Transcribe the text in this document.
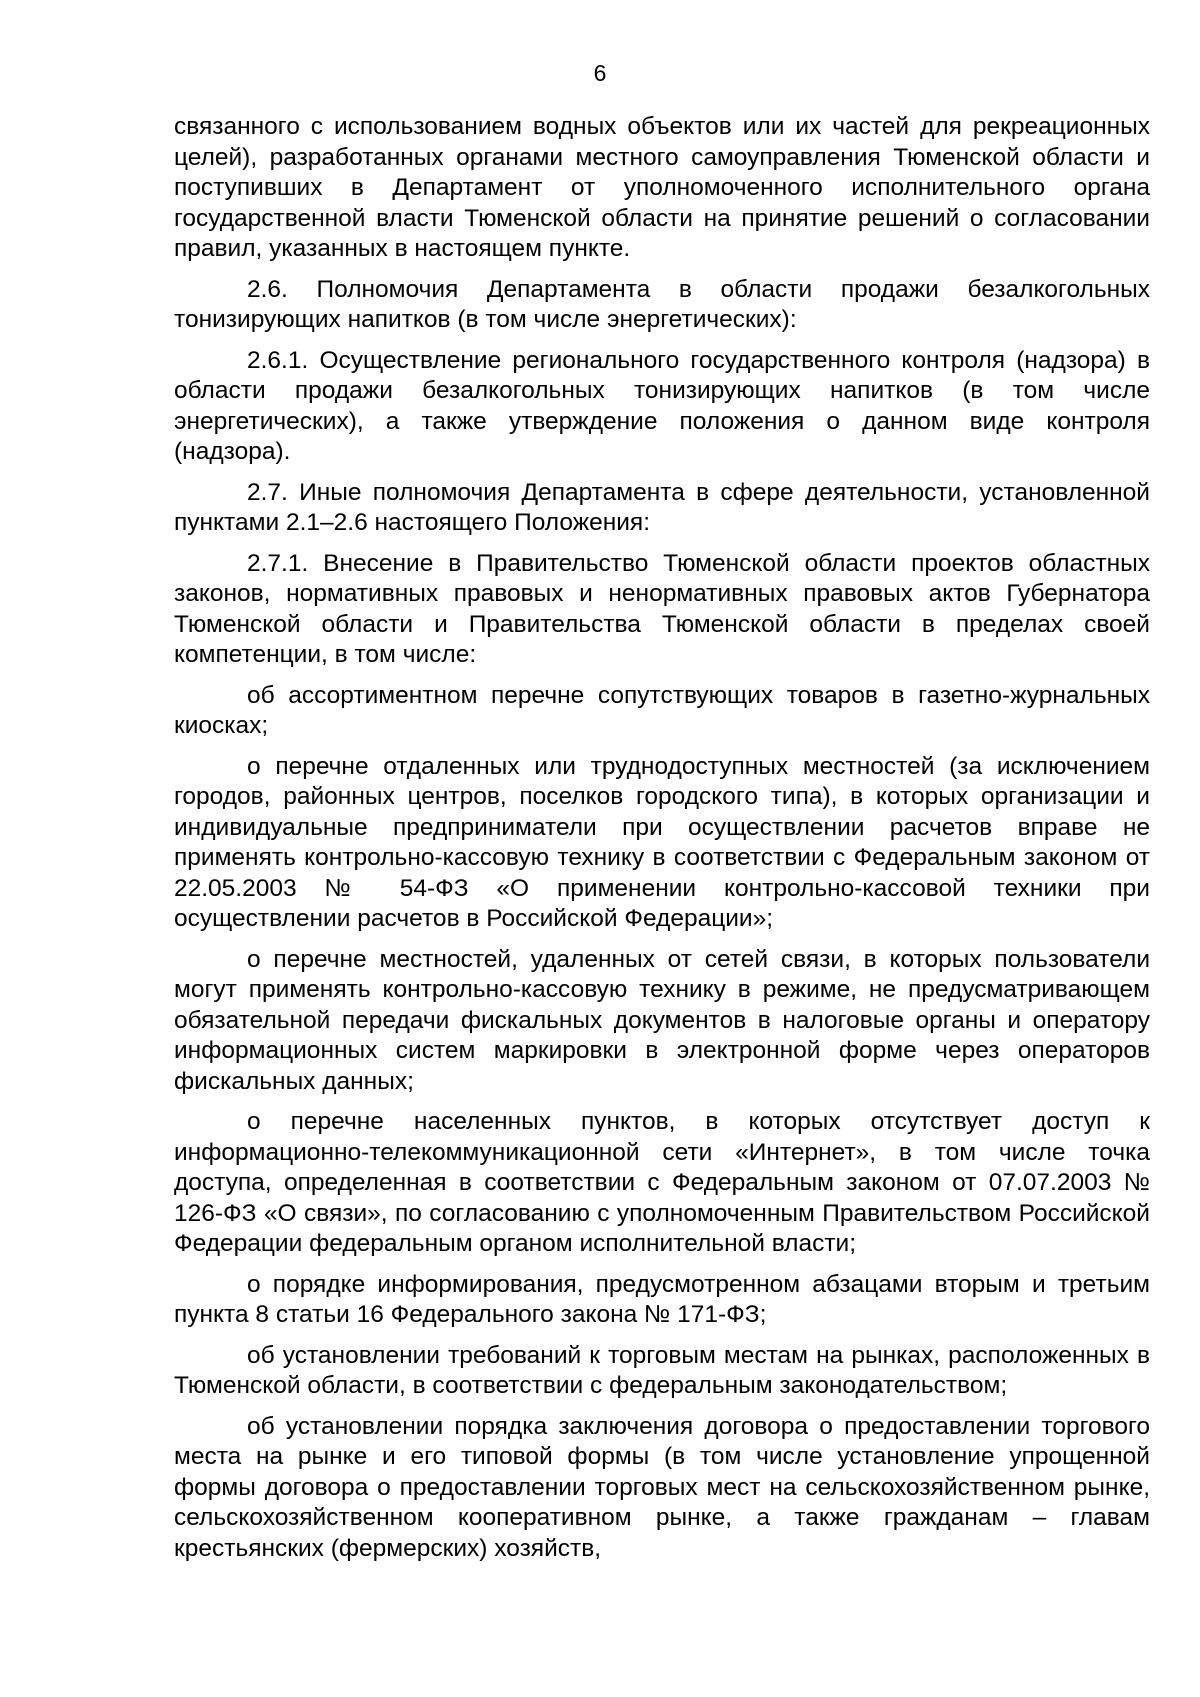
6

связанного с использованием водных объектов или их частей для рекреационных целей), разработанных органами местного самоуправления Тюменской области и поступивших в Департамент от уполномоченного исполнительного органа государственной власти Тюменской области на принятие решений о согласовании правил, указанных в настоящем пункте.

2.6. Полномочия Департамента в области продажи безалкогольных тонизирующих напитков (в том числе энергетических):

2.6.1. Осуществление регионального государственного контроля (надзора) в области продажи безалкогольных тонизирующих напитков (в том числе энергетических), а также утверждение положения о данном виде контроля (надзора).

2.7. Иные полномочия Департамента в сфере деятельности, установленной пунктами 2.1–2.6 настоящего Положения:

2.7.1. Внесение в Правительство Тюменской области проектов областных законов, нормативных правовых и ненормативных правовых актов Губернатора Тюменской области и Правительства Тюменской области в пределах своей компетенции, в том числе:

об ассортиментном перечне сопутствующих товаров в газетно-журнальных киосках;

о перечне отдаленных или труднодоступных местностей (за исключением городов, районных центров, поселков городского типа), в которых организации и индивидуальные предприниматели при осуществлении расчетов вправе не применять контрольно-кассовую технику в соответствии с Федеральным законом от 22.05.2003 № 54-ФЗ «О применении контрольно-кассовой техники при осуществлении расчетов в Российской Федерации»;

о перечне местностей, удаленных от сетей связи, в которых пользователи могут применять контрольно-кассовую технику в режиме, не предусматривающем обязательной передачи фискальных документов в налоговые органы и оператору информационных систем маркировки в электронной форме через операторов фискальных данных;

о перечне населенных пунктов, в которых отсутствует доступ к информационно-телекоммуникационной сети «Интернет», в том числе точка доступа, определенная в соответствии с Федеральным законом от 07.07.2003 № 126-ФЗ «О связи», по согласованию с уполномоченным Правительством Российской Федерации федеральным органом исполнительной власти;

о порядке информирования, предусмотренном абзацами вторым и третьим пункта 8 статьи 16 Федерального закона № 171-ФЗ;

об установлении требований к торговым местам на рынках, расположенных в Тюменской области, в соответствии с федеральным законодательством;

об установлении порядка заключения договора о предоставлении торгового места на рынке и его типовой формы (в том числе установление упрощенной формы договора о предоставлении торговых мест на сельскохозяйственном рынке, сельскохозяйственном кооперативном рынке, а также гражданам – главам крестьянских (фермерских) хозяйств,
